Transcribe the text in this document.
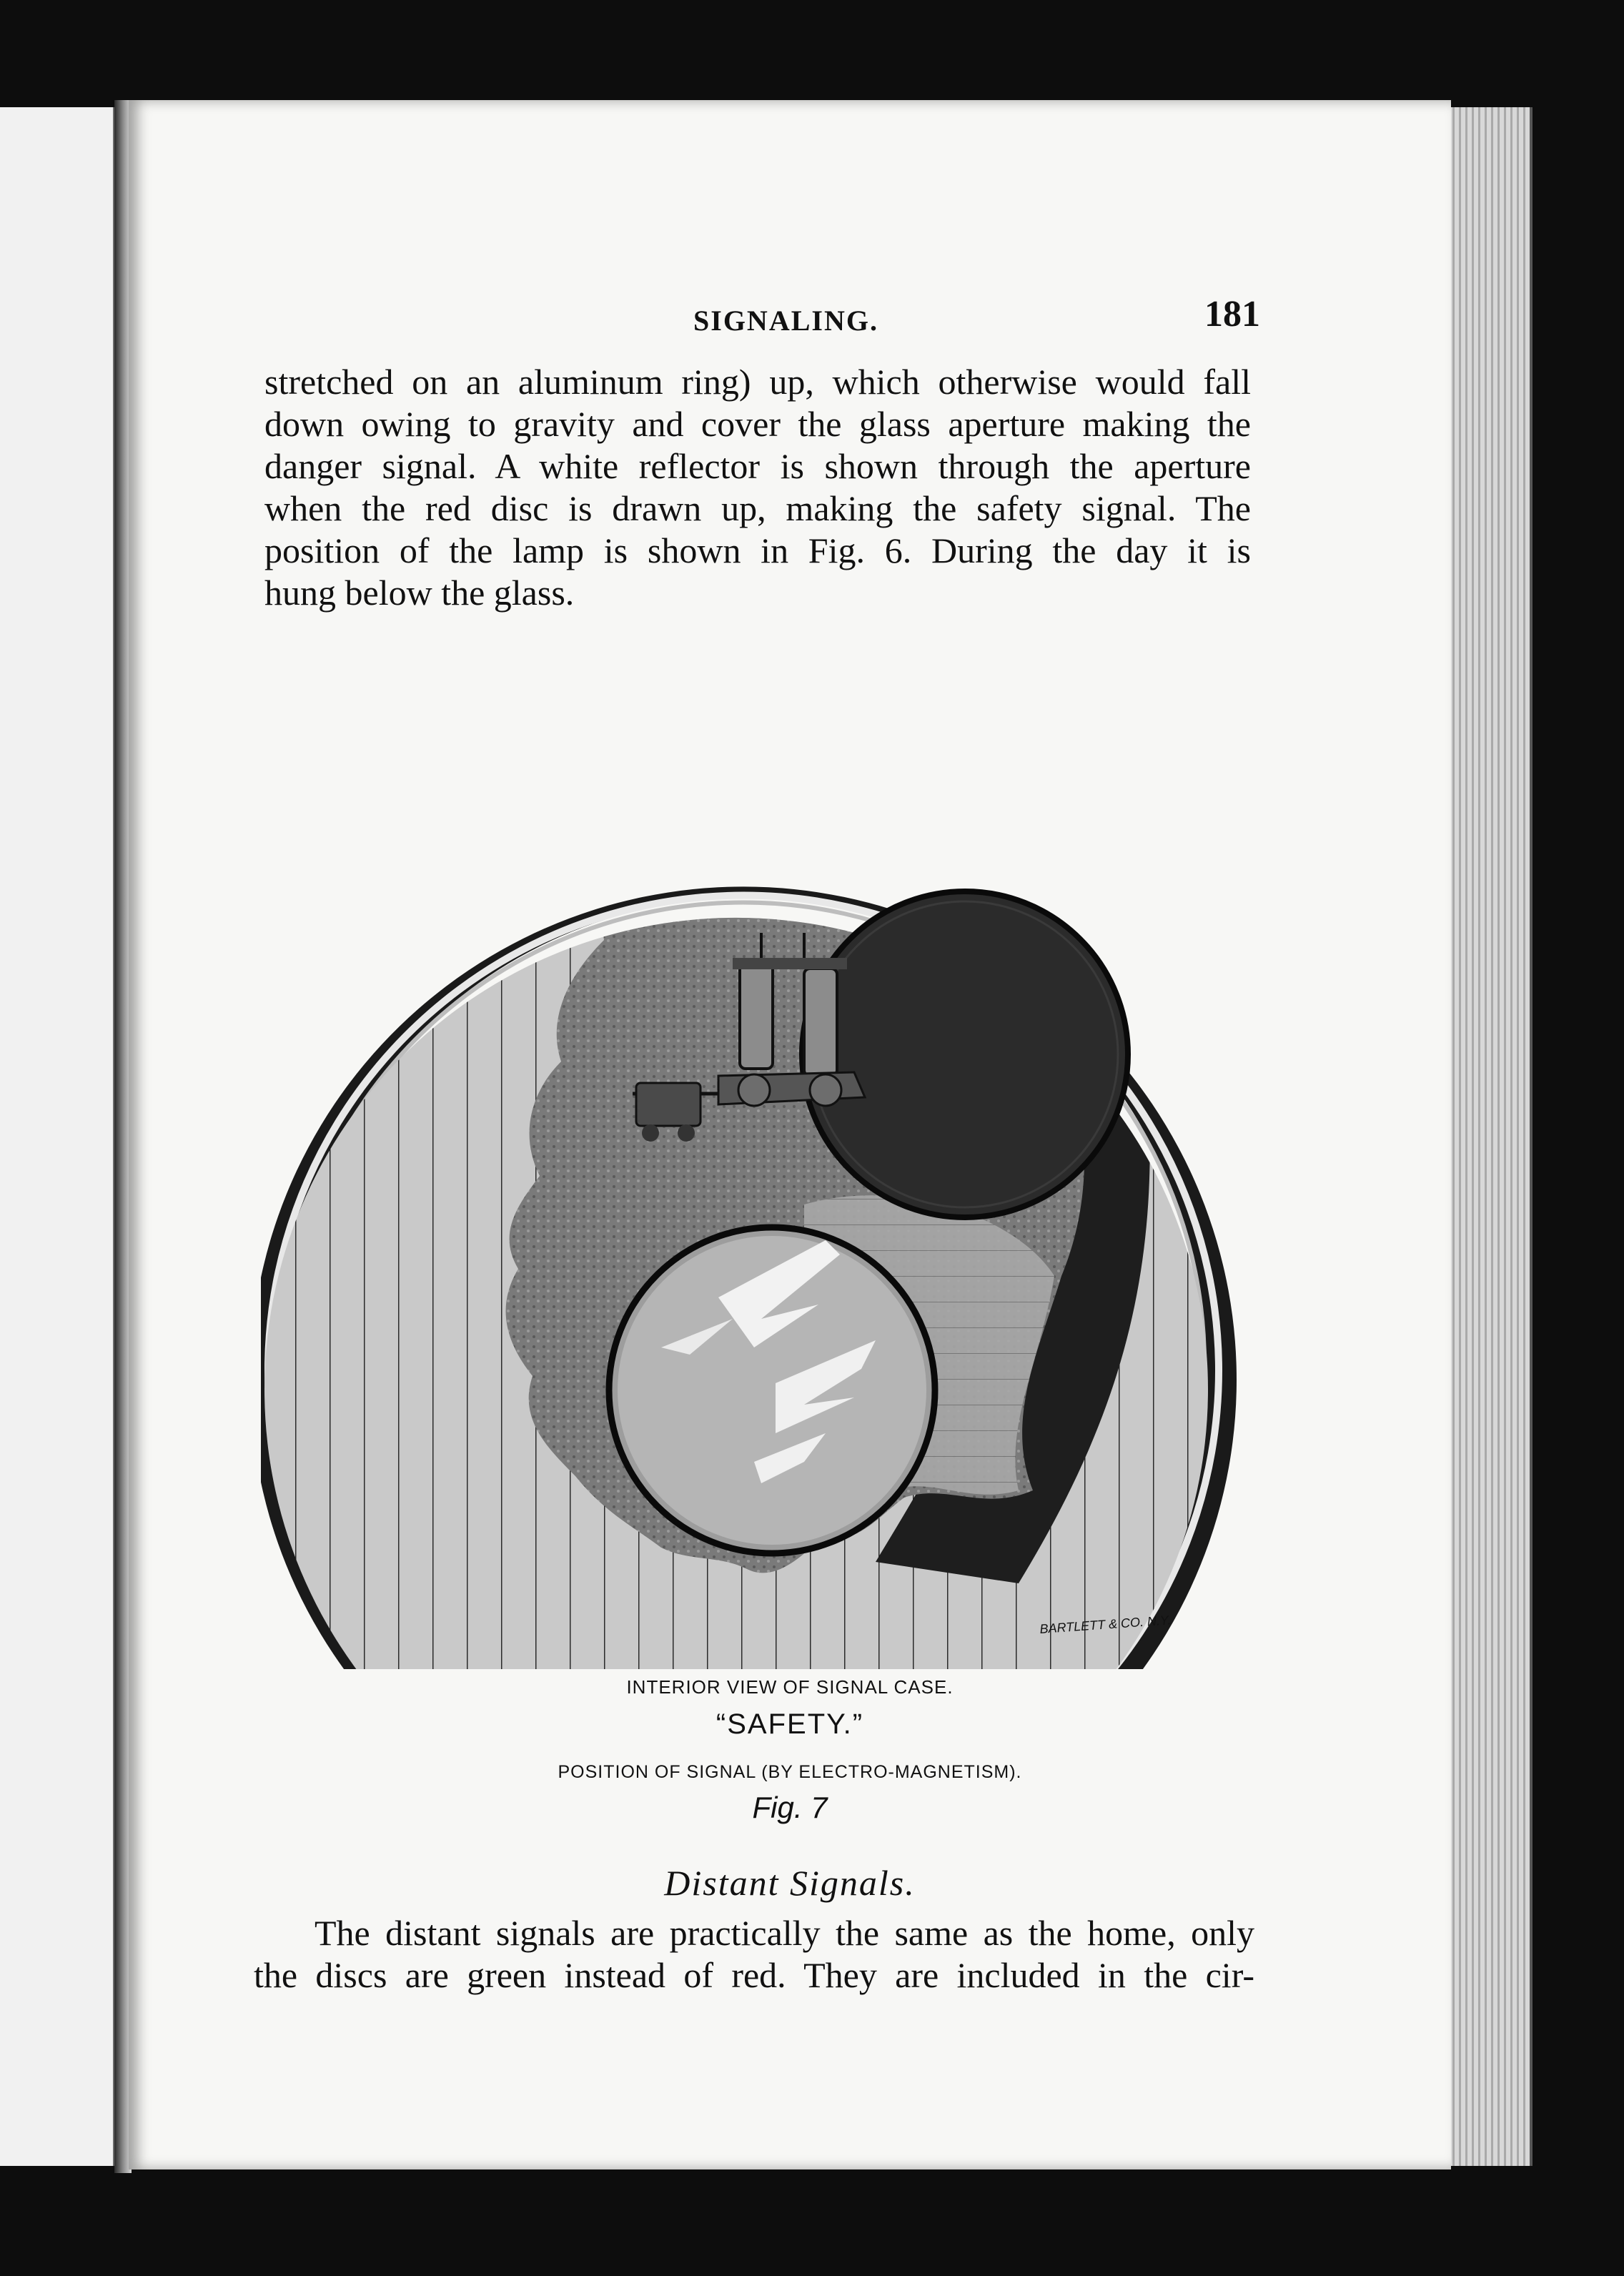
SIGNALING.	181
stretched on an aluminum ring) up, which otherwise would fall
down owing to gravity and cover the glass aperture making the
danger signal. A white reflector is shown through the aperture
when the red disc is drawn up, making the safety signal. The
position of the lamp is shown in Fig. 6. During the day it is
hung below the glass.
BARTLETT & CO. N.Y.
INTERIOR VIEW OF SIGNAL CASE.
“SAFETY.”
POSITION OF SIGNAL (BY ELECTRO-MAGNETISM).
Fig. 7
Distant Signals.
The distant signals are practically the same as the home, only
the discs are green instead of red. They are included in the cir-
